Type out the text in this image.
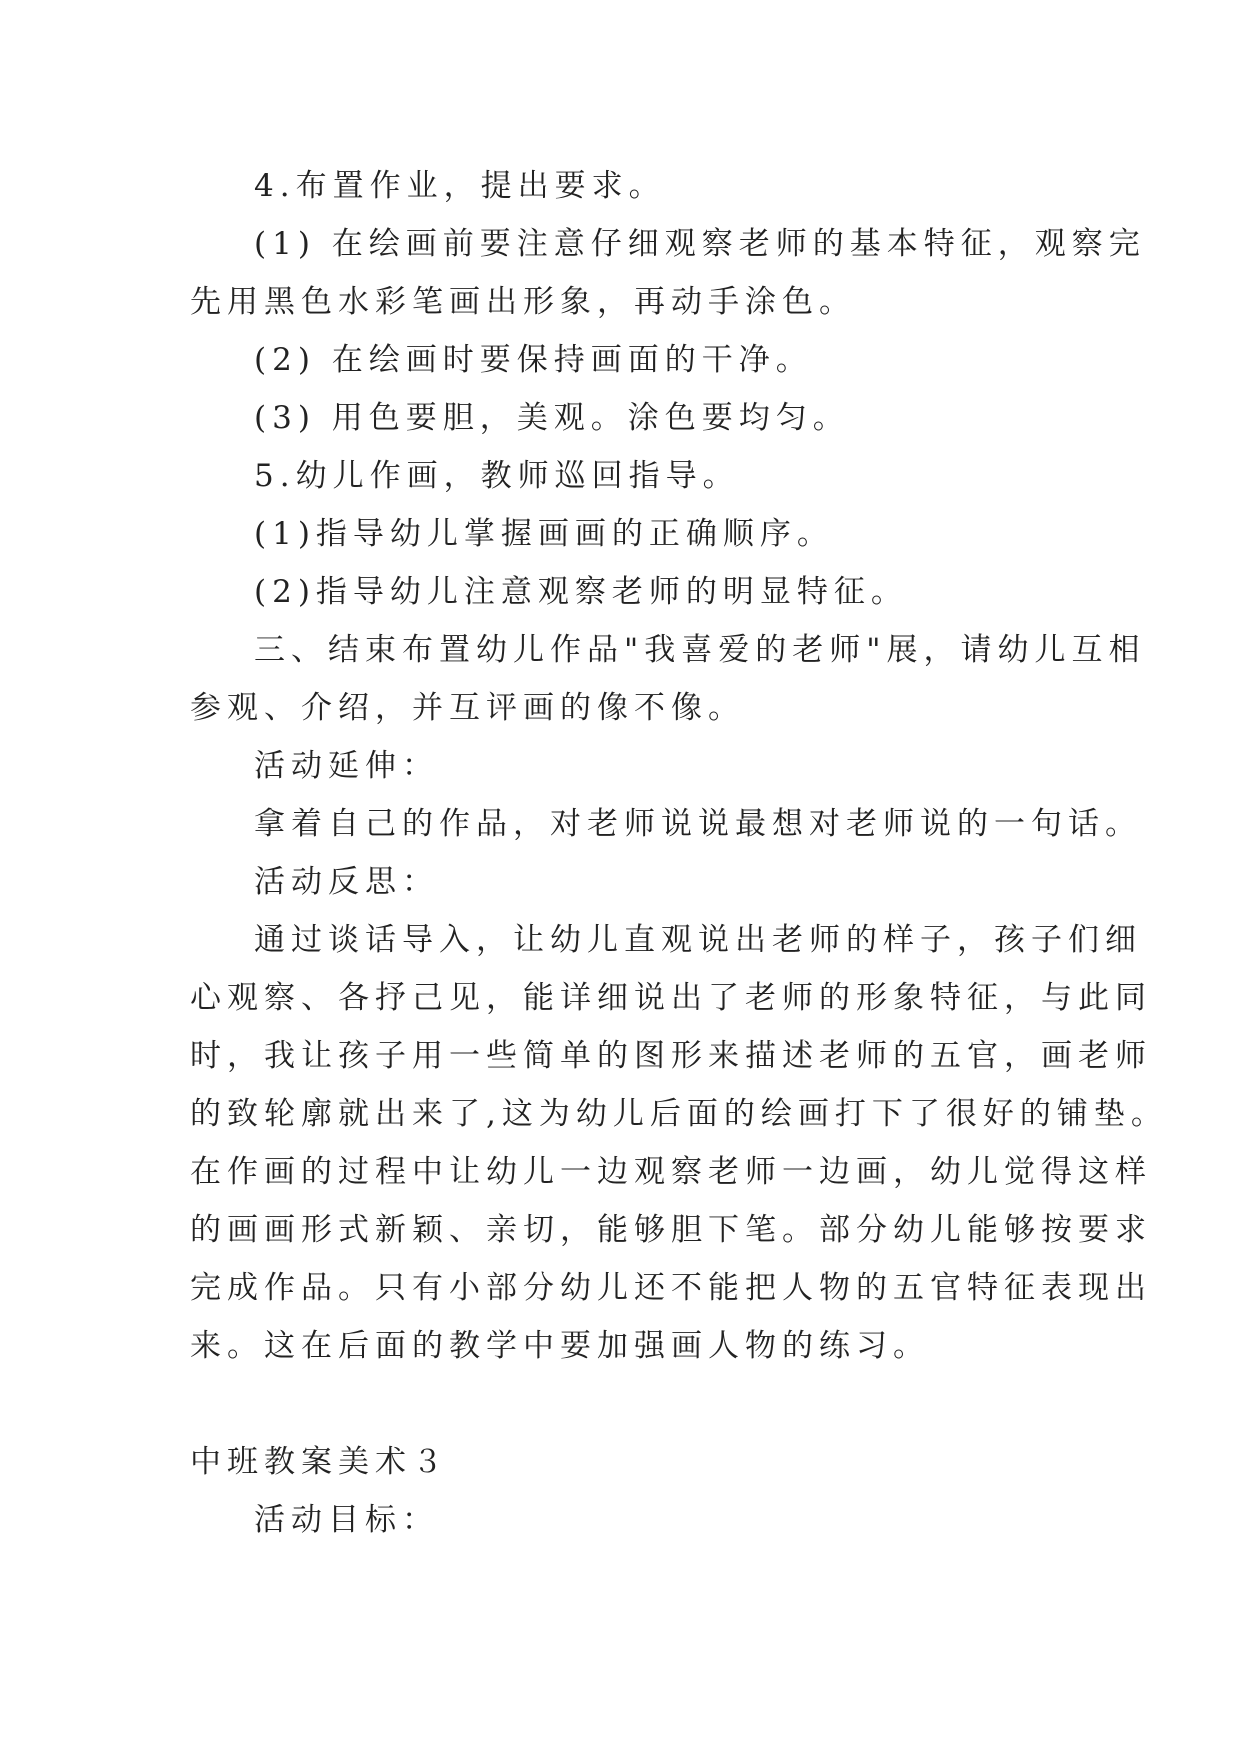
4.布置作业，提出要求。
(1) 在绘画前要注意仔细观察老师的基本特征，观察完
先用黑色水彩笔画出形象，再动手涂色。
(2) 在绘画时要保持画面的干净。
(3) 用色要胆，美观。涂色要均匀。
5.幼儿作画，教师巡回指导。
(1)指导幼儿掌握画画的正确顺序。
(2)指导幼儿注意观察老师的明显特征。
三、结束布置幼儿作品"我喜爱的老师"展，请幼儿互相
参观、介绍，并互评画的像不像。
活动延伸：
拿着自己的作品，对老师说说最想对老师说的一句话。
活动反思：
通过谈话导入，让幼儿直观说出老师的样子，孩子们细
心观察、各抒己见，能详细说出了老师的形象特征，与此同
时，我让孩子用一些简单的图形来描述老师的五官，画老师
的致轮廓就出来了,这为幼儿后面的绘画打下了很好的铺垫。
在作画的过程中让幼儿一边观察老师一边画，幼儿觉得这样
的画画形式新颖、亲切，能够胆下笔。部分幼儿能够按要求
完成作品。只有小部分幼儿还不能把人物的五官特征表现出
来。这在后面的教学中要加强画人物的练习。
中班教案美术３
活动目标：
